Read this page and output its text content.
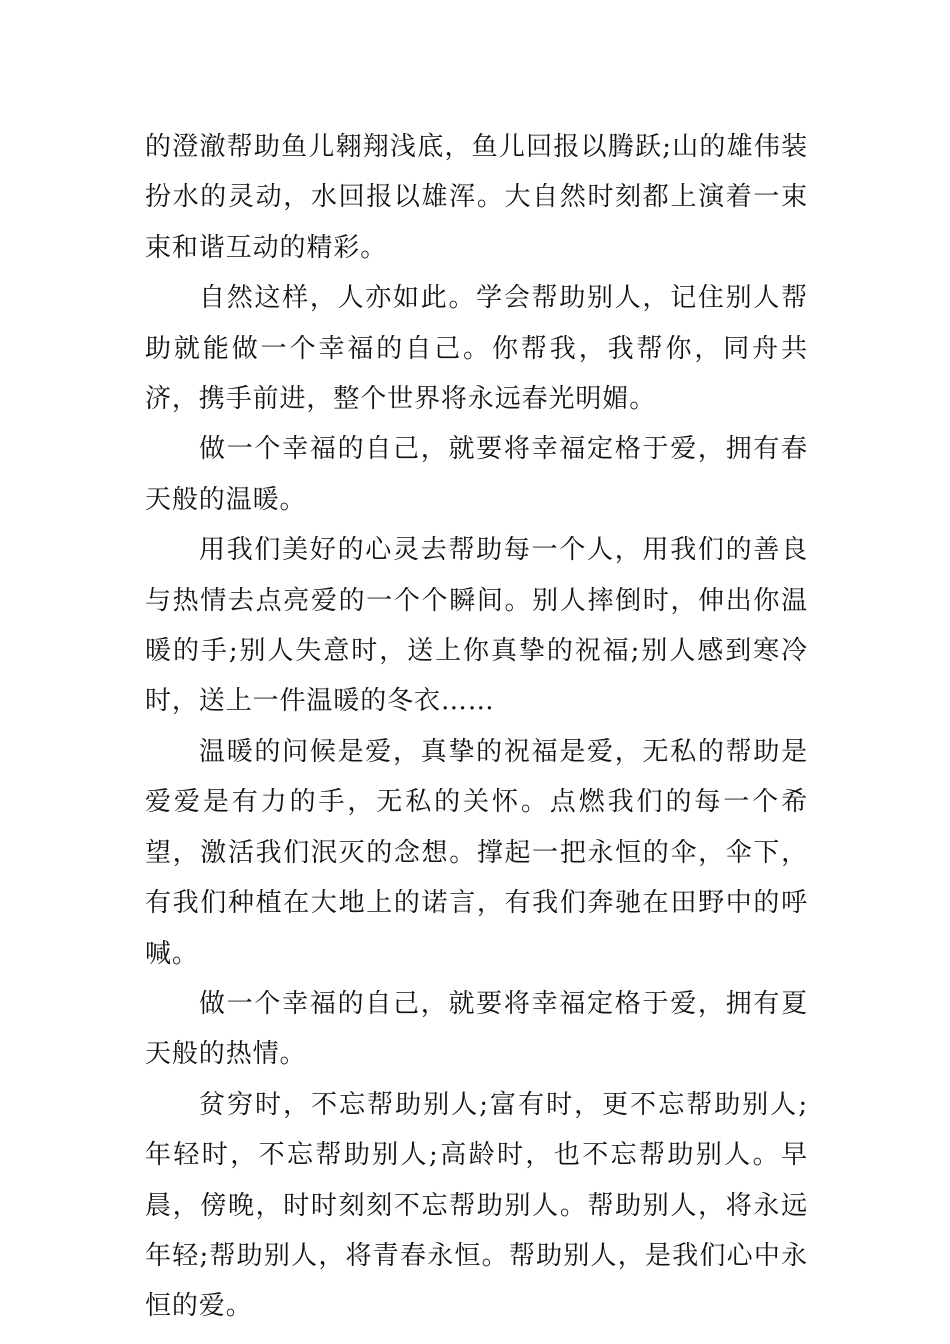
的澄澈帮助鱼儿翱翔浅底，鱼儿回报以腾跃;山的雄伟装扮水的灵动，水回报以雄浑。大自然时刻都上演着一束束和谐互动的精彩。

自然这样，人亦如此。学会帮助别人，记住别人帮助就能做一个幸福的自己。你帮我，我帮你，同舟共济，携手前进，整个世界将永远春光明媚。

做一个幸福的自己，就要将幸福定格于爱，拥有春天般的温暖。

用我们美好的心灵去帮助每一个人，用我们的善良与热情去点亮爱的一个个瞬间。别人摔倒时，伸出你温暖的手;别人失意时，送上你真挚的祝福;别人感到寒冷时，送上一件温暖的冬衣……

温暖的问候是爱，真挚的祝福是爱，无私的帮助是爱爱是有力的手，无私的关怀。点燃我们的每一个希望，激活我们泯灭的念想。撑起一把永恒的伞，伞下，有我们种植在大地上的诺言，有我们奔驰在田野中的呼喊。

做一个幸福的自己，就要将幸福定格于爱，拥有夏天般的热情。

贫穷时，不忘帮助别人;富有时，更不忘帮助别人;年轻时，不忘帮助别人;高龄时，也不忘帮助别人。早晨，傍晚，时时刻刻不忘帮助别人。帮助别人，将永远年轻;帮助别人，将青春永恒。帮助别人，是我们心中永恒的爱。
